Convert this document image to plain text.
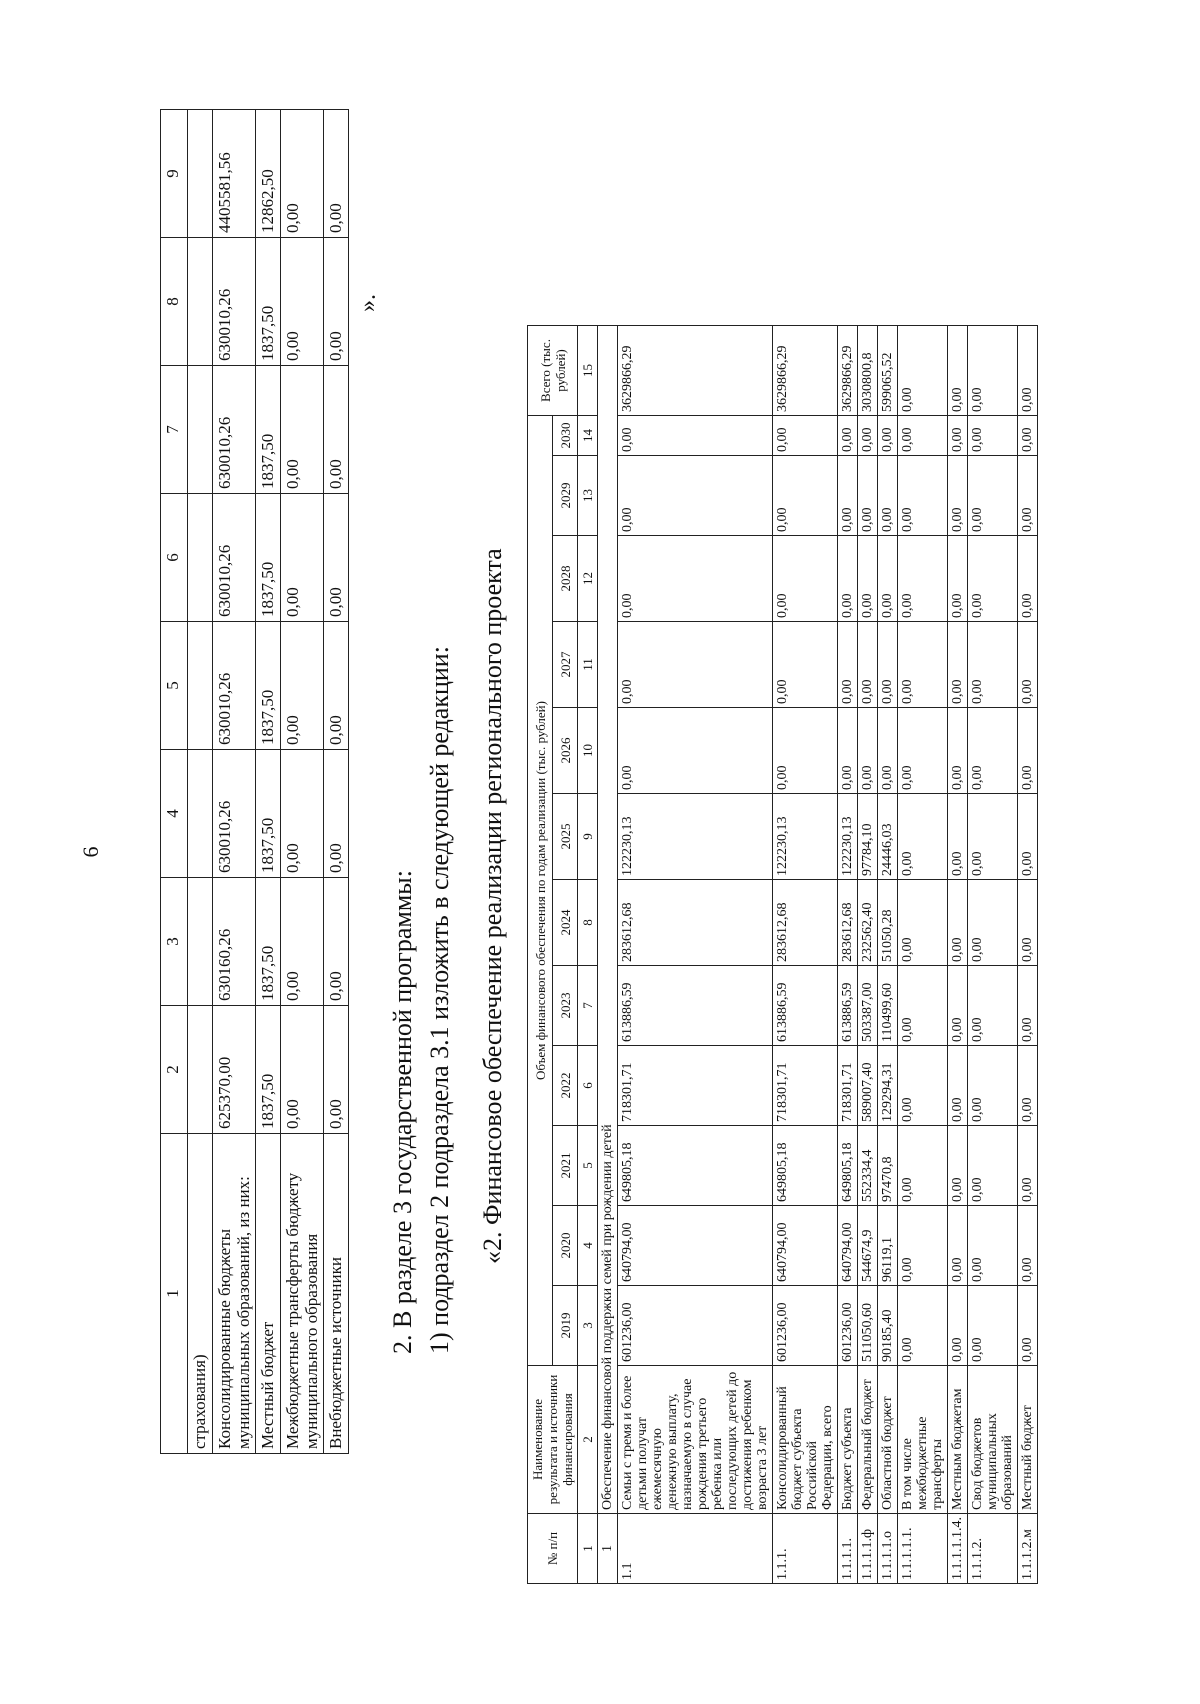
6
1	2	3	4	5	6	7	8	9
страхования)								
Консолидированные бюджеты муниципальных образований, из них:	625370,00	630160,26	630010,26	630010,26	630010,26	630010,26	630010,26	4405581,56
Местный бюджет	1837,50	1837,50	1837,50	1837,50	1837,50	1837,50	1837,50	12862,50
Межбюджетные трансферты бюджету муниципального образования	0,00	0,00	0,00	0,00	0,00	0,00	0,00	0,00
Внебюджетные источники	0,00	0,00	0,00	0,00	0,00	0,00	0,00	0,00
».
2. В разделе 3 государственной программы: 1) подраздел 2 подраздела 3.1 изложить в следующей редакции: «2. Финансовое обеспечение реализации регионального проекта
№ п/п	Наименование результата и источники финансирования	Объем финансового обеспечения по годам реализации (тыс. рублей)												Всего (тыс. рублей)
		2019	2020	2021	2022	2023	2024	2025	2026	2027	2028	2029	2030	
1	2	3	4	5	6	7	8	9	10	11	12	13	14	15
1	Обеспечение финансовой поддержки семей при рождении детей													
1.1	Семьи с тремя и более детьми получат ежемесячную денежную выплату, назначаемую в случае рождения третьего ребенка или последующих детей до достижения ребенком возраста 3 лет	601236,00	640794,00	649805,18	718301,71	613886,59	283612,68	122230,13	0,00	0,00	0,00	0,00	0,00	3629866,29
1.1.1.	Консолидированный бюджет субъекта Российской Федерации, всего	601236,00	640794,00	649805,18	718301,71	613886,59	283612,68	122230,13	0,00	0,00	0,00	0,00	0,00	3629866,29
1.1.1.1.	Бюджет субъекта	601236,00	640794,00	649805,18	718301,71	613886,59	283612,68	122230,13	0,00	0,00	0,00	0,00	0,00	3629866,29
1.1.1.1.ф	Федеральный бюджет	511050,60	544674,9	552334,4	589007,40	503387,00	232562,40	97784,10	0,00	0,00	0,00	0,00	0,00	3030800,8
1.1.1.1.о	Областной бюджет	90185,40	96119,1	97470,8	129294,31	110499,60	51050,28	24446,03	0,00	0,00	0,00	0,00	0,00	599065,52
1.1.1.1.1.	В том числе межбюджетные трансферты	0,00	0,00	0,00	0,00	0,00	0,00	0,00	0,00	0,00	0,00	0,00	0,00	0,00
1.1.1.1.1.4.	Местным бюджетам	0,00	0,00	0,00	0,00	0,00	0,00	0,00	0,00	0,00	0,00	0,00	0,00	0,00
1.1.1.2.	Свод бюджетов муниципальных образований	0,00	0,00	0,00	0,00	0,00	0,00	0,00	0,00	0,00	0,00	0,00	0,00	0,00
1.1.1.2.м	Местный бюджет	0,00	0,00	0,00	0,00	0,00	0,00	0,00	0,00	0,00	0,00	0,00	0,00	0,00
